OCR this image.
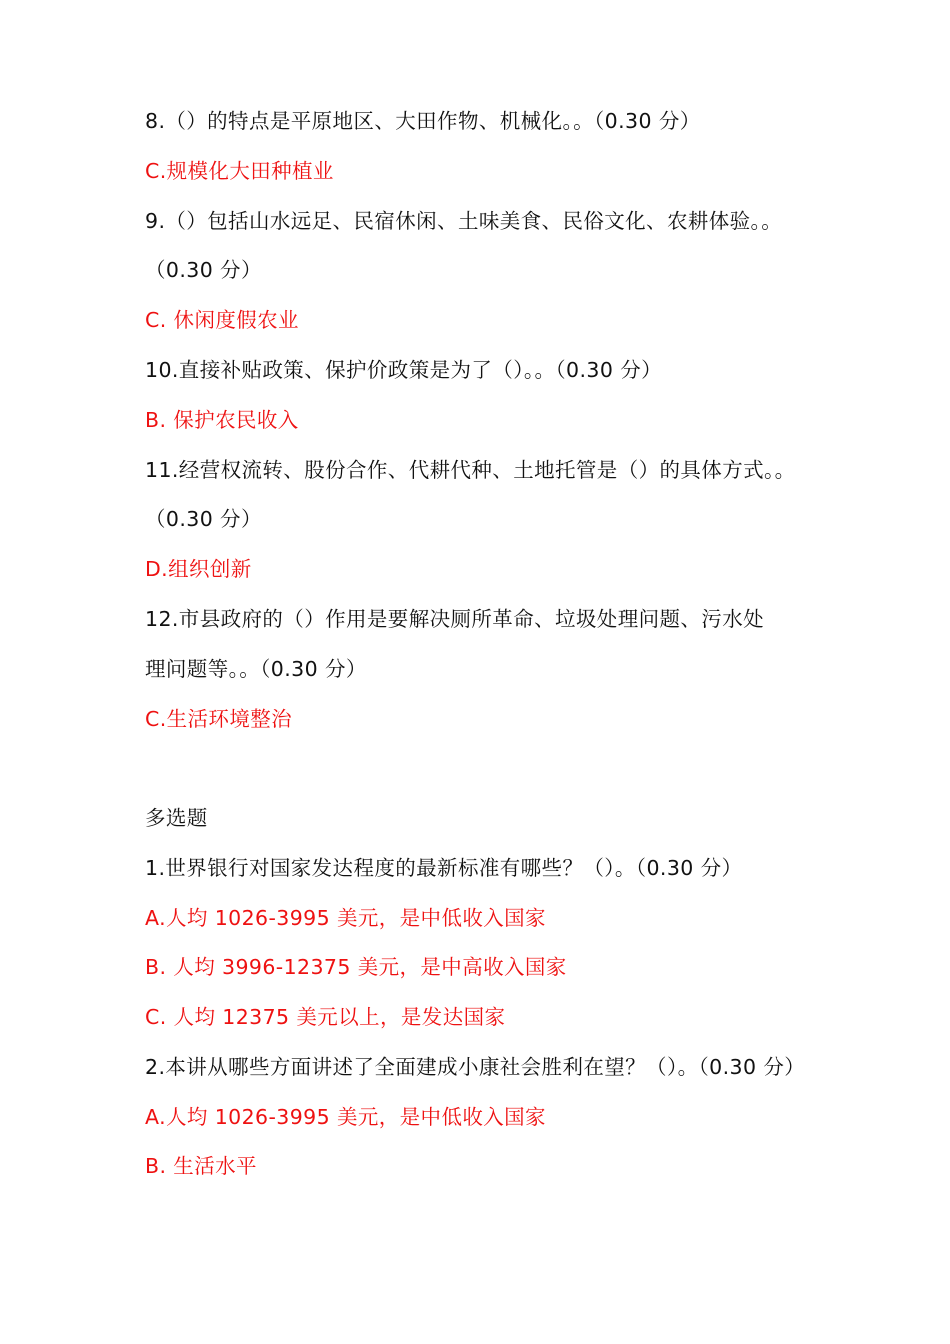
8.（）的特点是平原地区、大田作物、机械化。。（0.30 分）
C.规模化大田种植业
9.（）包括山水远足、民宿休闲、土味美食、民俗文化、农耕体验。。
（0.30 分）
C. 休闲度假农业
10.直接补贴政策、保护价政策是为了（）。。（0.30 分）
B. 保护农民收入
11.经营权流转、股份合作、代耕代种、土地托管是（）的具体方式。。
（0.30 分）
D.组织创新
12.市县政府的（）作用是要解决厕所革命、垃圾处理问题、污水处
理问题等。。（0.30 分）
C.生活环境整治
多选题
1.世界银行对国家发达程度的最新标准有哪些？（）。（0.30 分）
A.人均 1026-3995 美元，是中低收入国家
B. 人均 3996-12375 美元，是中高收入国家
C. 人均 12375 美元以上，是发达国家
2.本讲从哪些方面讲述了全面建成小康社会胜利在望？（）。（0.30 分）
A.人均 1026-3995 美元，是中低收入国家
B. 生活水平
